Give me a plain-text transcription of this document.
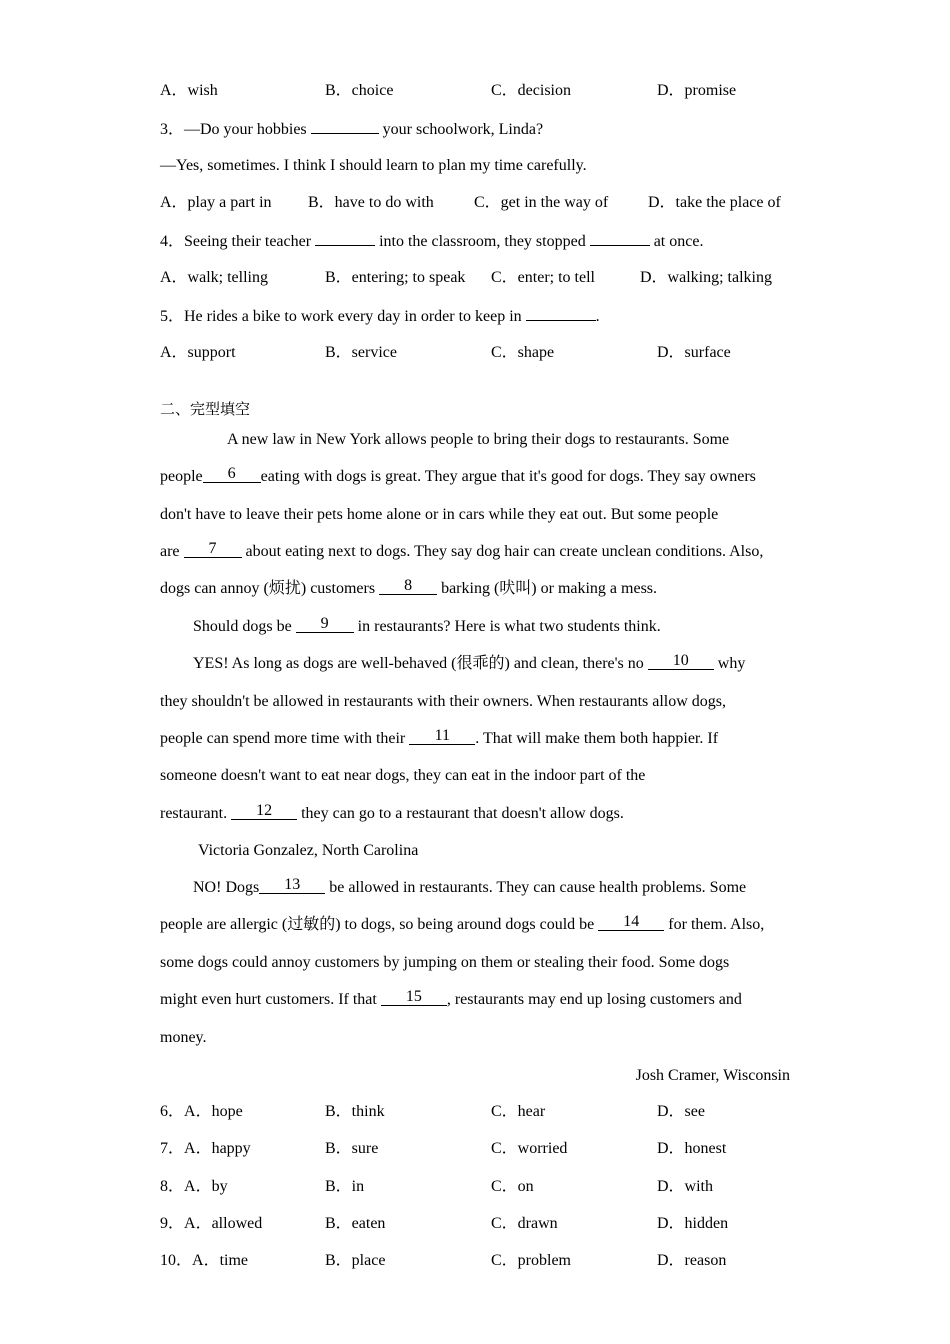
A．wish	B．choice	C．decision	D．promise
3．—Do your hobbies	your schoolwork, Linda?
—Yes, sometimes. I think I should learn to plan my time carefully.
A．play a part in B．have to do with	C．get in the way of D．take the place of
4．Seeing their teacher	into the classroom, they stopped	at once.
A．walk; telling	B．entering; to speak C．enter; to tell	D．walking; talking
5．He rides a bike to work every day in order to keep in	.
A．support	B．service	C．shape	D．surface
二、完型填空
A new law in New York allows people to bring their dogs to restaurants. Some
people 6 eating with dogs is great. They argue that it's good for dogs. They say owners
don't have to leave their pets home alone or in cars while they eat out. But some people
are 7 about eating next to dogs. They say dog hair can create unclean conditions. Also,
dogs can annoy (烦扰) customers 8 barking (吠叫) or making a mess.
Should dogs be 9 in restaurants? Here is what two students think.
YES! As long as dogs are well-behaved (很乖的) and clean, there's no 10 why
they shouldn't be allowed in restaurants with their owners. When restaurants allow dogs,
people can spend more time with their 11 . That will make them both happier. If
someone doesn't want to eat near dogs, they can eat in the indoor part of the
restaurant. 12 they can go to a restaurant that doesn't allow dogs.
Victoria Gonzalez, North Carolina
NO! Dogs 13 be allowed in restaurants. They can cause health problems. Some
people are allergic (过敏的) to dogs, so being around dogs could be 14 for them. Also,
some dogs could annoy customers by jumping on them or stealing their food. Some dogs
might even hurt customers. If that 15 , restaurants may end up losing customers and
money.
Josh Cramer, Wisconsin
6．A．hope	B．think	C．hear	D．see
7．A．happy	B．sure	C．worried	D．honest
8．A．by	B．in	C．on	D．with
9．A．allowed	B．eaten	C．drawn	D．hidden
10．A．time	B．place	C．problem	D．reason
